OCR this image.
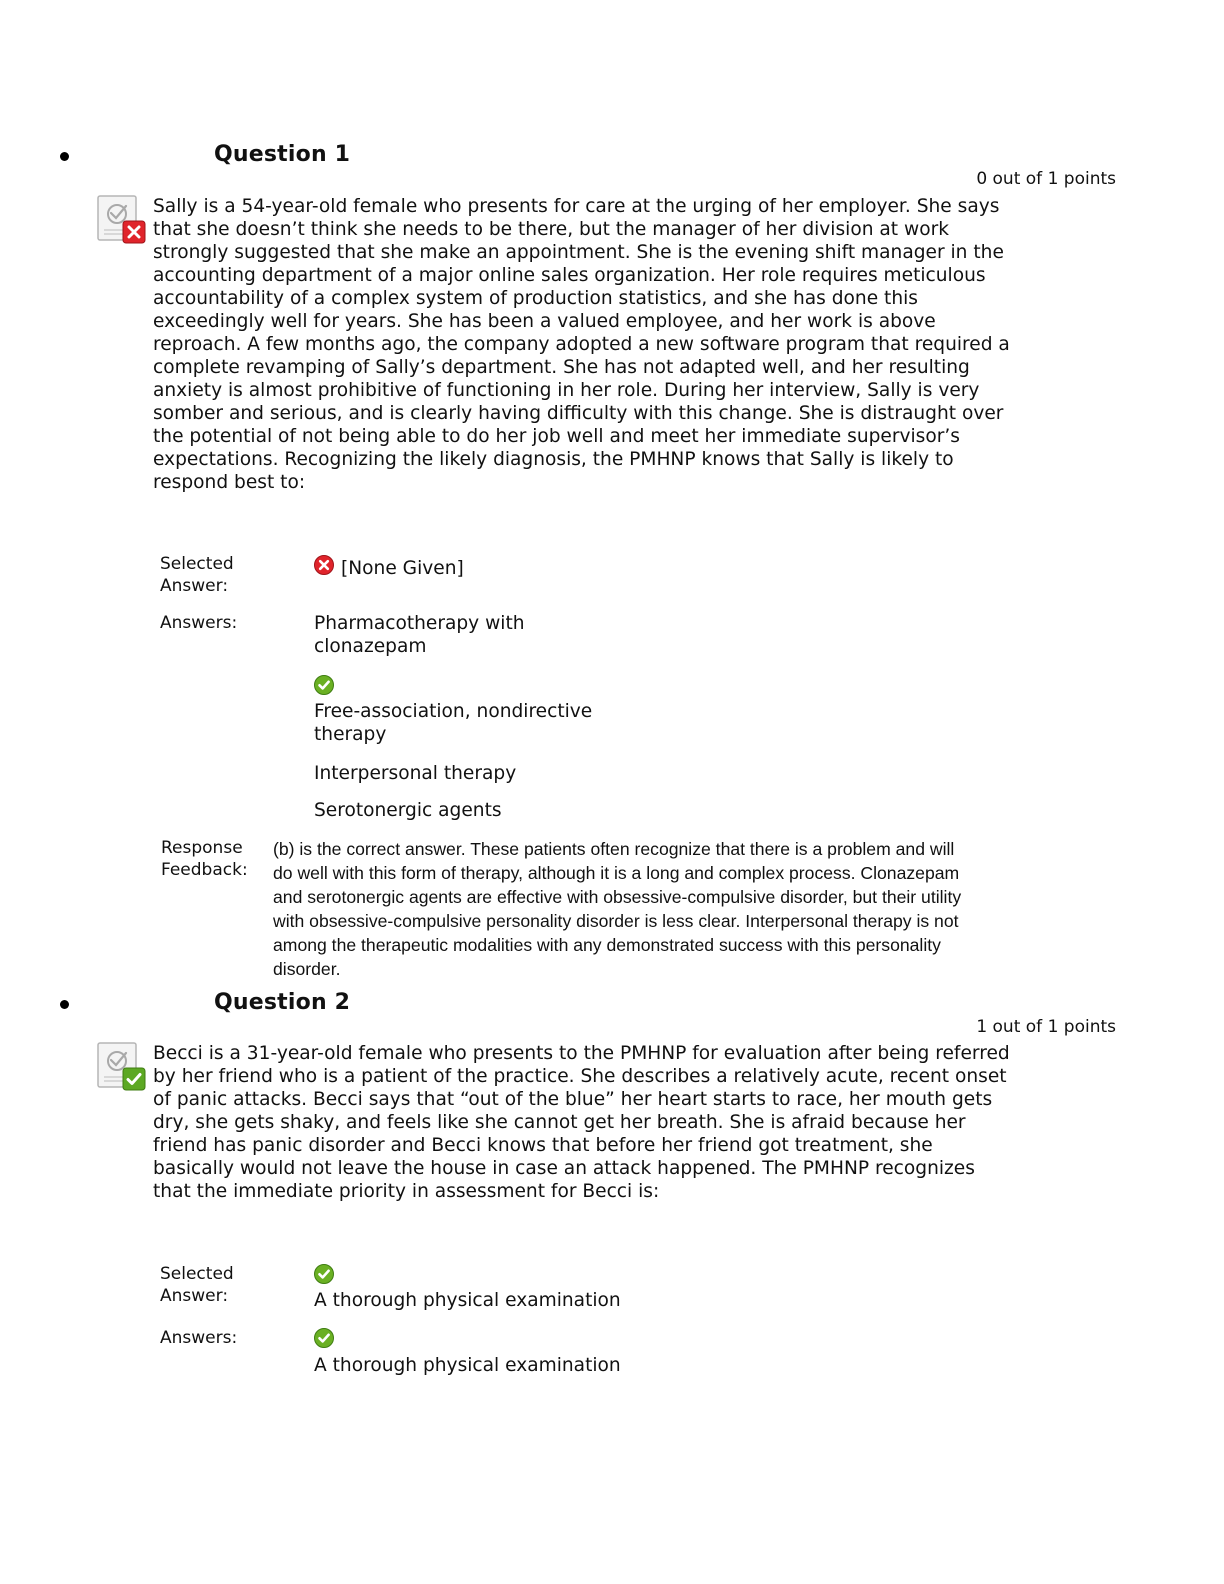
Question 1
0 out of 1 points
Sally is a 54-year-old female who presents for care at the urging of her employer. She says that she doesn’t think she needs to be there, but the manager of her division at work strongly suggested that she make an appointment. She is the evening shift manager in the accounting department of a major online sales organization. Her role requires meticulous accountability of a complex system of production statistics, and she has done this exceedingly well for years. She has been a valued employee, and her work is above reproach. A few months ago, the company adopted a new software program that required a complete revamping of Sally’s department. She has not adapted well, and her resulting anxiety is almost prohibitive of functioning in her role. During her interview, Sally is very somber and serious, and is clearly having difficulty with this change. She is distraught over the potential of not being able to do her job well and meet her immediate supervisor’s expectations. Recognizing the likely diagnosis, the PMHNP knows that Sally is likely to respond best to:
Selected Answer:
[None Given]
Answers:	Pharmacotherapy with clonazepam
Free-association, nondirective therapy
Interpersonal therapy
Serotonergic agents
Response Feedback:
(b) is the correct answer. These patients often recognize that there is a problem and will do well with this form of therapy, although it is a long and complex process. Clonazepam and serotonergic agents are effective with obsessive-compulsive disorder, but their utility with obsessive-compulsive personality disorder is less clear. Interpersonal therapy is not among the therapeutic modalities with any demonstrated success with this personality disorder.
Question 2
1 out of 1 points
Becci is a 31-year-old female who presents to the PMHNP for evaluation after being referred by her friend who is a patient of the practice. She describes a relatively acute, recent onset of panic attacks. Becci says that “out of the blue” her heart starts to race, her mouth gets dry, she gets shaky, and feels like she cannot get her breath. She is afraid because her friend has panic disorder and Becci knows that before her friend got treatment, she basically would not leave the house in case an attack happened. The PMHNP recognizes that the immediate priority in assessment for Becci is:
Selected Answer:	A thorough physical examination
Answers:
A thorough physical examination
